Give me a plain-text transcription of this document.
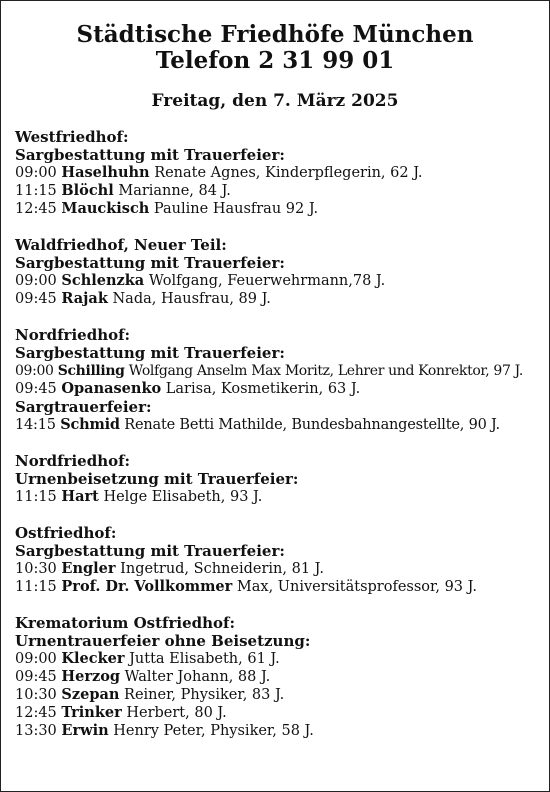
Städtische Friedhöfe München
Telefon 2 31 99 01
Freitag, den 7. März 2025
Westfriedhof:
Sargbestattung mit Trauerfeier:
09:00 Haselhuhn Renate Agnes, Kinderpflegerin, 62 J.
11:15 Blöchl Marianne, 84 J.
12:45 Mauckisch Pauline Hausfrau 92 J.
Waldfriedhof, Neuer Teil:
Sargbestattung mit Trauerfeier:
09:00 Schlenzka Wolfgang, Feuerwehrmann,78 J.
09:45 Rajak Nada, Hausfrau, 89 J.
Nordfriedhof:
Sargbestattung mit Trauerfeier:
09:00 Schilling Wolfgang Anselm Max Moritz, Lehrer und Konrektor, 97 J.
09:45 Opanasenko Larisa, Kosmetikerin, 63 J.
Sargtrauerfeier:
14:15 Schmid Renate Betti Mathilde, Bundesbahnangestellte, 90 J.
Nordfriedhof:
Urnenbeisetzung mit Trauerfeier:
11:15 Hart Helge Elisabeth, 93 J.
Ostfriedhof:
Sargbestattung mit Trauerfeier:
10:30 Engler Ingetrud, Schneiderin, 81 J.
11:15 Prof. Dr. Vollkommer Max, Universitätsprofessor, 93 J.
Krematorium Ostfriedhof:
Urnentrauerfeier ohne Beisetzung:
09:00 Klecker Jutta Elisabeth, 61 J.
09:45 Herzog Walter Johann, 88 J.
10:30 Szepan Reiner, Physiker, 83 J.
12:45 Trinker Herbert, 80 J.
13:30 Erwin Henry Peter, Physiker, 58 J.
